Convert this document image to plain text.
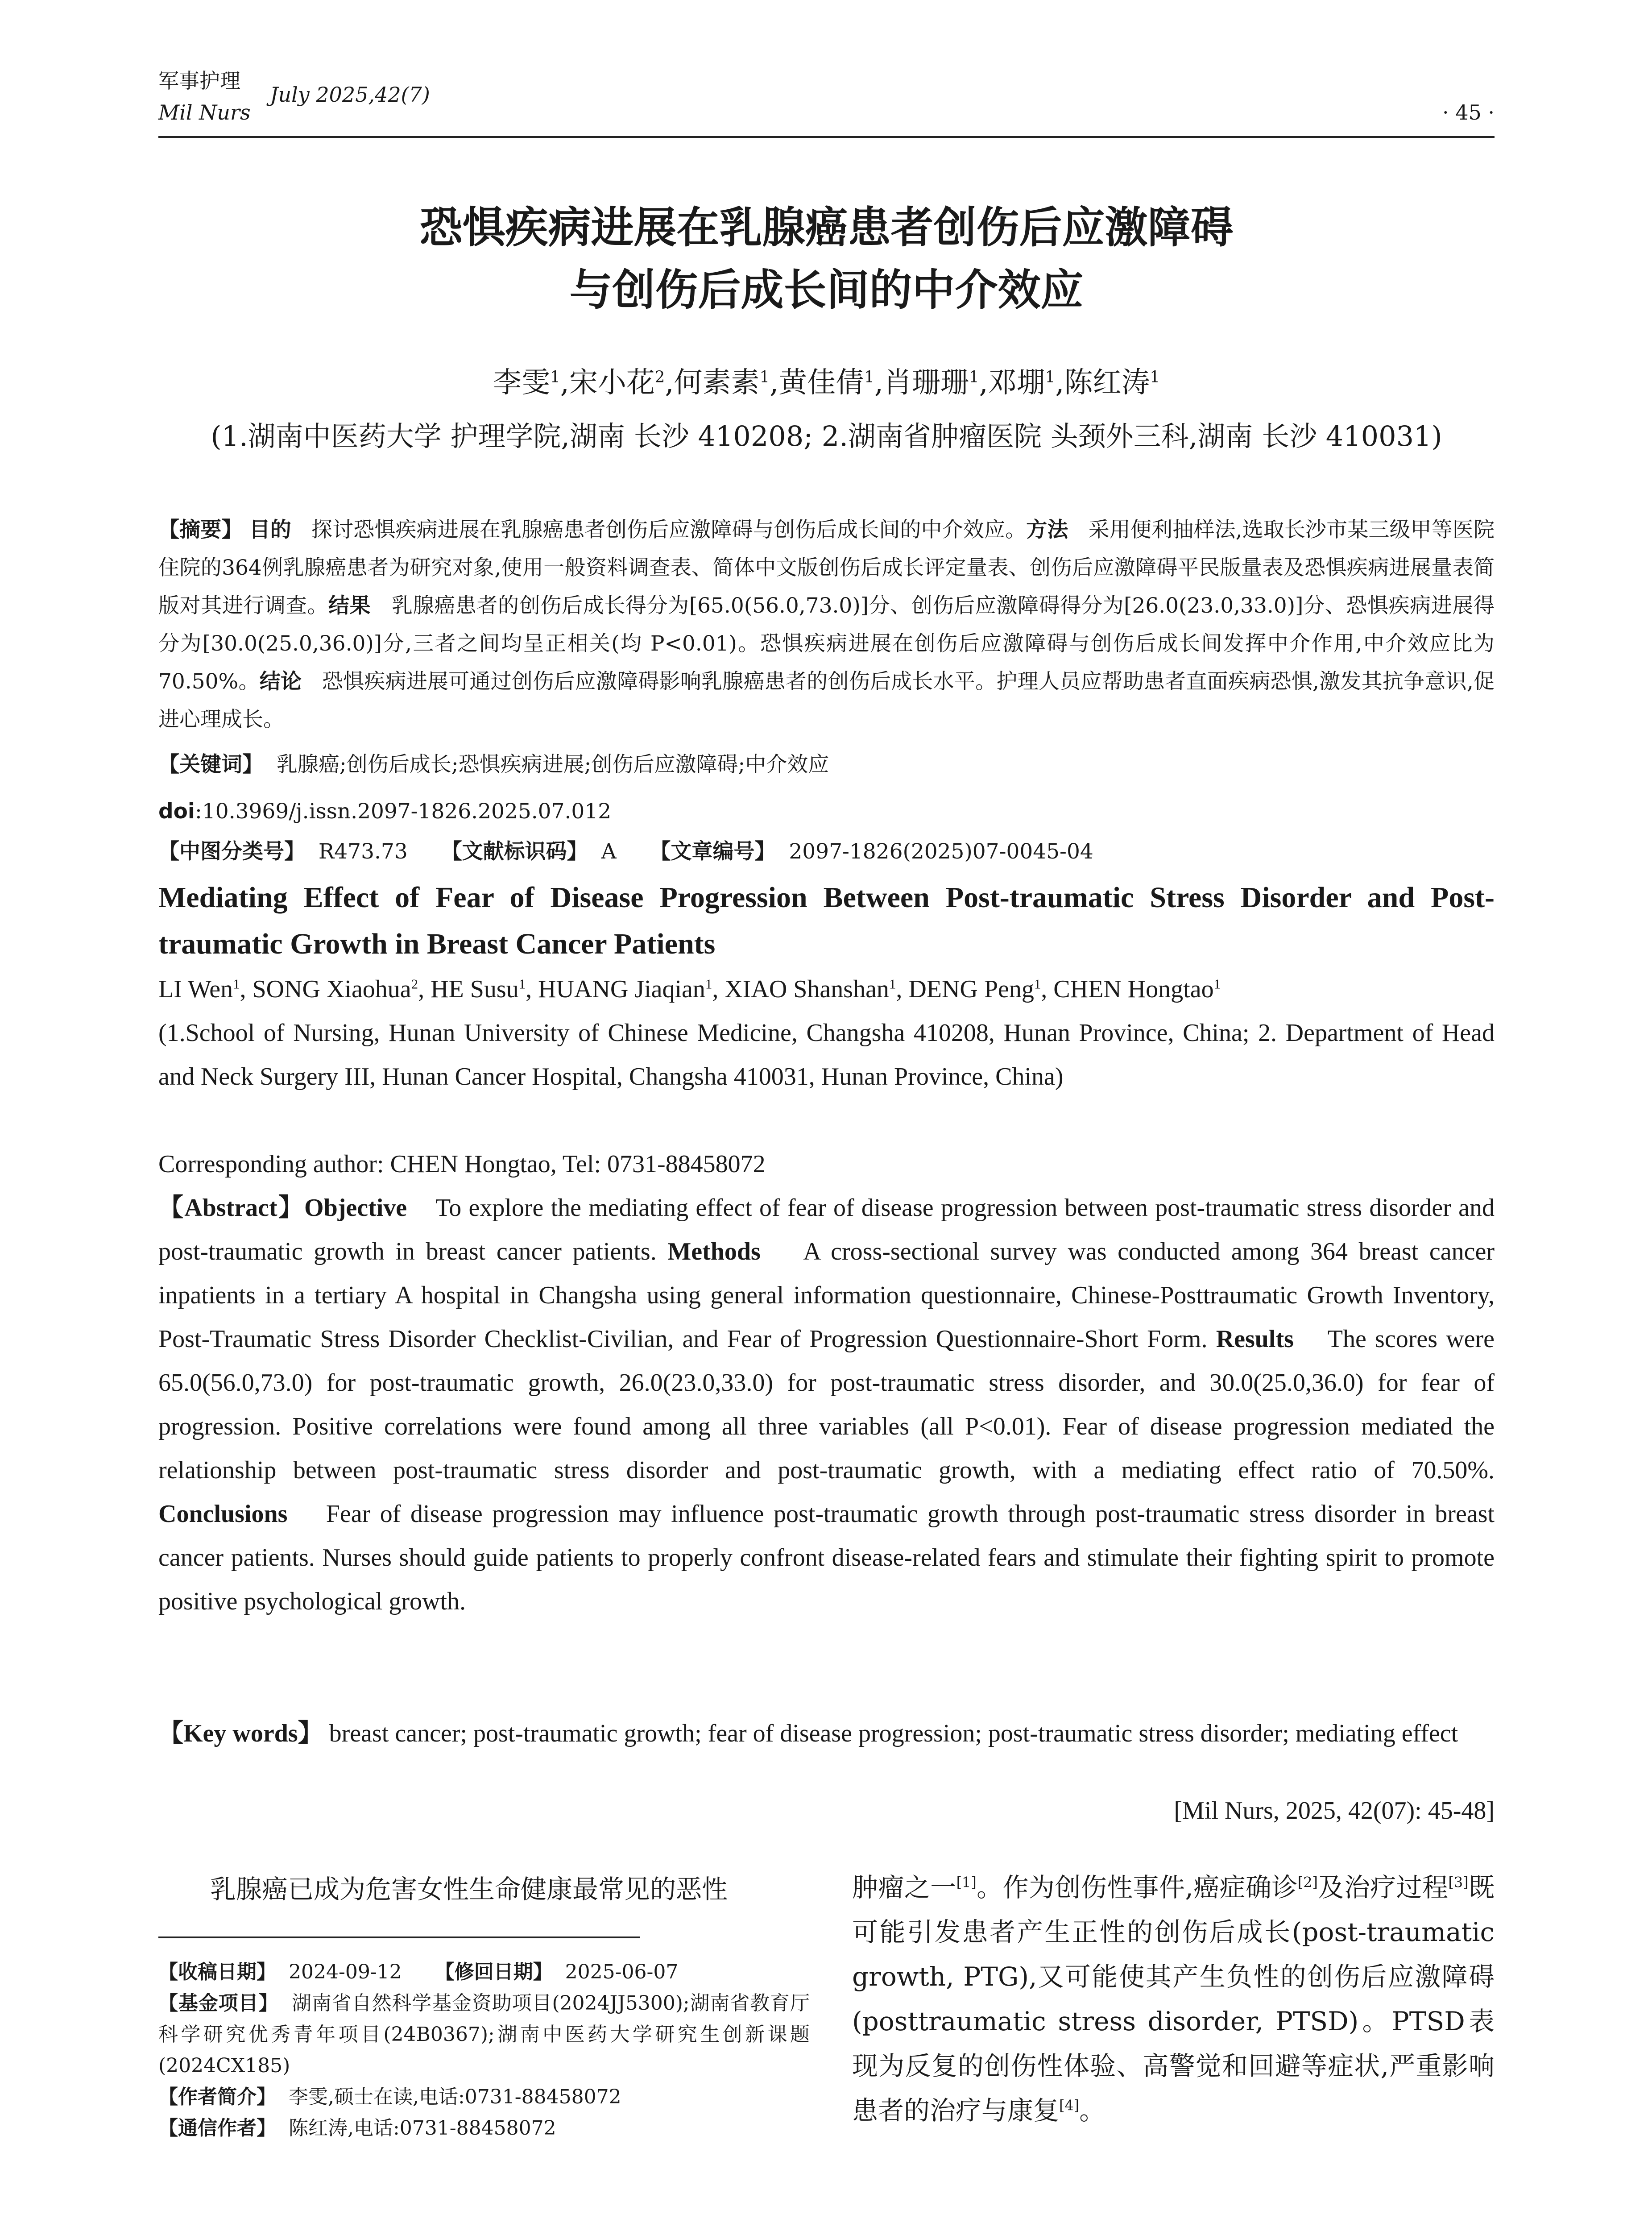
军事护理
Mil Nurs
July 2025,42(7)
· 45 ·
恐惧疾病进展在乳腺癌患者创伤后应激障碍
与创伤后成长间的中介效应
李雯$^1$,宋小花$^2$,何素素$^1$,黄佳倩$^1$,肖珊珊$^1$,邓堋$^1$,陈红涛$^1$
(1.湖南中医药大学 护理学院,湖南 长沙 410208; 2.湖南省肿瘤医院 头颈外三科,湖南 长沙 410031)
【摘要】 目的 探讨恐惧疾病进展在乳腺癌患者创伤后应激障碍与创伤后成长间的中介效应。方法 采用便利抽样法,选取长沙市某三级甲等医院住院的364例乳腺癌患者为研究对象,使用一般资料调查表、简体中文版创伤后成长评定量表、创伤后应激障碍平民版量表及恐惧疾病进展量表简版对其进行调查。结果 乳腺癌患者的创伤后成长得分为[65.0(56.0,73.0)]分、创伤后应激障碍得分为[26.0(23.0,33.0)]分、恐惧疾病进展得分为[30.0(25.0,36.0)]分,三者之间均呈正相关(均 P<0.01)。恐惧疾病进展在创伤后应激障碍与创伤后成长间发挥中介作用,中介效应比为70.50%。结论 恐惧疾病进展可通过创伤后应激障碍影响乳腺癌患者的创伤后成长水平。护理人员应帮助患者直面疾病恐惧,激发其抗争意识,促进心理成长。
【关键词】 乳腺癌;创伤后成长;恐惧疾病进展;创伤后应激障碍;中介效应
doi:10.3969/j.issn.2097-1826.2025.07.012
【中图分类号】 R473.73 【文献标识码】 A 【文章编号】 2097-1826(2025)07-0045-04
Mediating Effect of Fear of Disease Progression Between Post-traumatic Stress Disorder and Post-traumatic Growth in Breast Cancer Patients
LI Wen$^1$, SONG Xiaohua$^2$, HE Susu$^1$, HUANG Jiaqian$^1$, XIAO Shanshan$^1$, DENG Peng$^1$, CHEN Hongtao$^1$
(1.School of Nursing, Hunan University of Chinese Medicine, Changsha 410208, Hunan Province, China; 2. Department of Head and Neck Surgery III, Hunan Cancer Hospital, Changsha 410031, Hunan Province, China)
Corresponding author: CHEN Hongtao, Tel: 0731-88458072
【Abstract】Objective To explore the mediating effect of fear of disease progression between post-traumatic stress disorder and post-traumatic growth in breast cancer patients. Methods A cross-sectional survey was conducted among 364 breast cancer inpatients in a tertiary A hospital in Changsha using general information questionnaire, Chinese-Posttraumatic Growth Inventory, Post-Traumatic Stress Disorder Checklist-Civilian, and Fear of Progression Questionnaire-Short Form. Results The scores were 65.0(56.0,73.0) for post-traumatic growth, 26.0(23.0,33.0) for post-traumatic stress disorder, and 30.0(25.0,36.0) for fear of progression. Positive correlations were found among all three variables (all P<0.01). Fear of disease progression mediated the relationship between post-traumatic stress disorder and post-traumatic growth, with a mediating effect ratio of 70.50%. Conclusions Fear of disease progression may influence post-traumatic growth through post-traumatic stress disorder in breast cancer patients. Nurses should guide patients to properly confront disease-related fears and stimulate their fighting spirit to promote positive psychological growth.
【Key words】 breast cancer; post-traumatic growth; fear of disease progression; post-traumatic stress disorder; mediating effect
[Mil Nurs, 2025, 42(07): 45-48]
乳腺癌已成为危害女性生命健康最常见的恶性
【收稿日期】 2024-09-12 【修回日期】 2025-06-07
【基金项目】 湖南省自然科学基金资助项目(2024JJ5300);湖南省教育厅科学研究优秀青年项目(24B0367);湖南中医药大学研究生创新课题(2024CX185)
【作者简介】 李雯,硕士在读,电话:0731-88458072
【通信作者】 陈红涛,电话:0731-88458072
肿瘤之一[1]。作为创伤性事件,癌症确诊[2]及治疗过程[3]既可能引发患者产生正性的创伤后成长(post-traumatic growth, PTG),又可能使其产生负性的创伤后应激障碍(posttraumatic stress disorder, PTSD)。PTSD表现为反复的创伤性体验、高警觉和回避等症状,严重影响患者的治疗与康复[4]。
